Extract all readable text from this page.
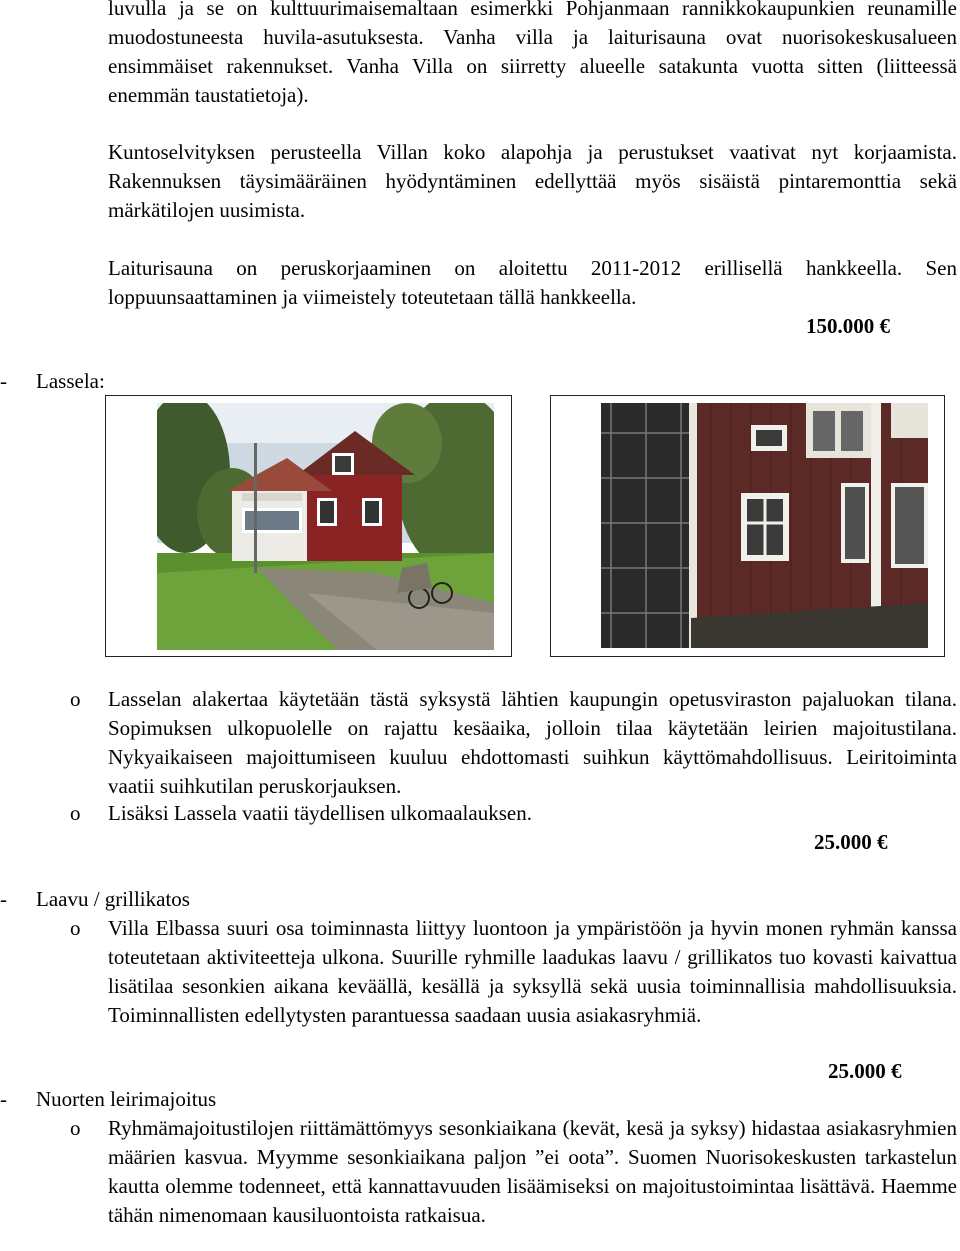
luvulla ja se on kulttuurimaisemaltaan esimerkki Pohjanmaan rannikkokaupunkien reunamille muodostuneesta huvila-asutuksesta. Vanha villa ja laiturisauna ovat nuorisokeskusalueen ensimmäiset rakennukset. Vanha Villa on siirretty alueelle satakunta vuotta sitten (liitteessä enemmän taustatietoja).

Kuntoselvityksen perusteella Villan koko alapohja ja perustukset vaativat nyt korjaamista. Rakennuksen täysimääräinen hyödyntäminen edellyttää myös sisäistä pintaremonttia sekä märkätilojen uusimista.

Laiturisauna on peruskorjaaminen on aloitettu 2011-2012 erillisellä hankkeella. Sen loppuunsaattaminen ja viimeistely toteutetaan tällä hankkeella.

150.000 €

- Lassela:

o Lasselan alakertaa käytetään tästä syksystä lähtien kaupungin opetusviraston pajaluokan tilana. Sopimuksen ulkopuolelle on rajattu kesäaika, jolloin tilaa käytetään leirien majoitustilana. Nykyaikaiseen majoittumiseen kuuluu ehdottomasti suihkun käyttömahdollisuus. Leiritoiminta vaatii suihkutilan peruskorjauksen.

o Lisäksi Lassela vaatii täydellisen ulkomaalauksen.

25.000 €

- Laavu / grillikatos

o Villa Elbassa suuri osa toiminnasta liittyy luontoon ja ympäristöön ja hyvin monen ryhmän kanssa toteutetaan aktiviteetteja ulkona. Suurille ryhmille laadukas laavu / grillikatos tuo kovasti kaivattua lisätilaa sesonkien aikana keväällä, kesällä ja syksyllä sekä uusia toiminnallisia mahdollisuuksia. Toiminnallisten edellytysten parantuessa saadaan uusia asiakasryhmiä.

25.000 €

- Nuorten leirimajoitus

o Ryhmämajoitustilojen riittämättömyys sesonkiaikana (kevät, kesä ja syksy) hidastaa asiakasryhmien määrien kasvua. Myymme sesonkiaikana paljon ”ei oota”. Suomen Nuorisokeskusten tarkastelun kautta olemme todenneet, että kannattavuuden lisäämiseksi on majoitustoimintaa lisättävä. Haemme tähän nimenomaan kausiluontoista ratkaisua.
